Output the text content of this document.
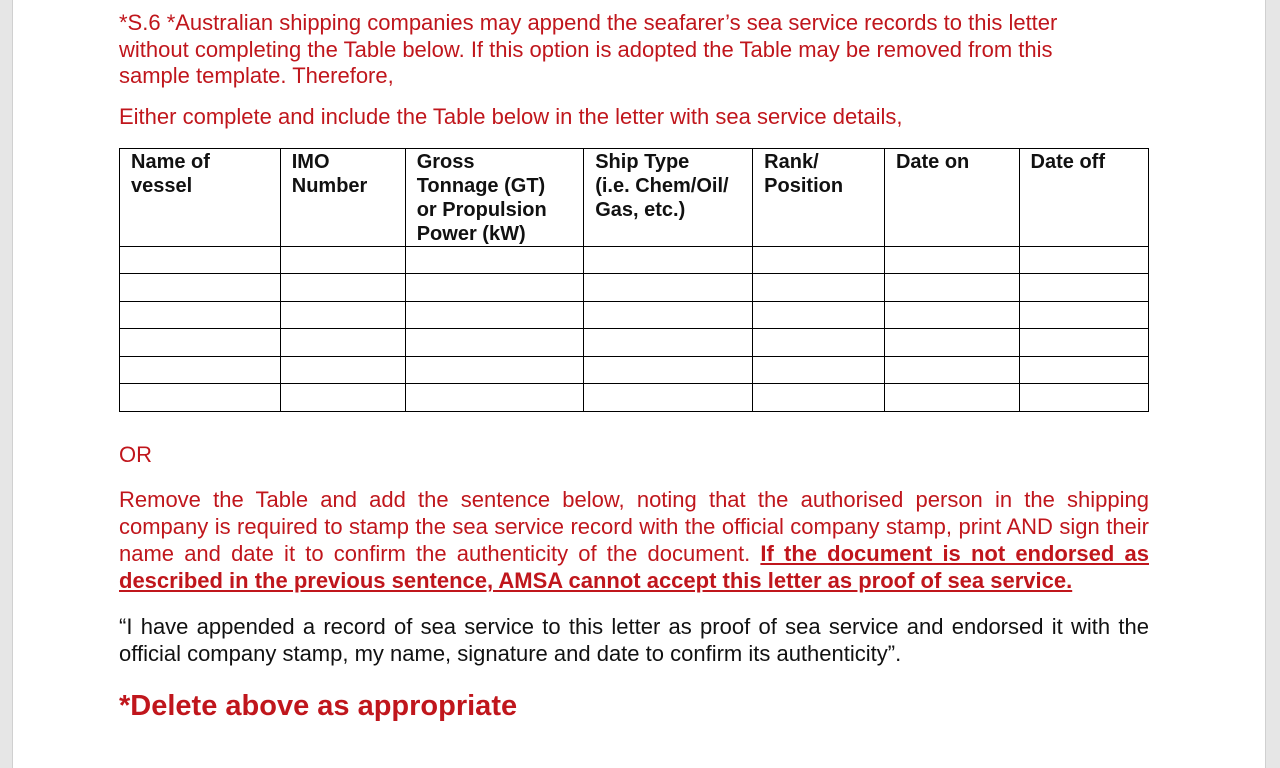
*S.6 *Australian shipping companies may append the seafarer’s sea service records to this letter without completing the Table below. If this option is adopted the Table may be removed from this sample template. Therefore,

Either complete and include the Table below in the letter with sea service details,

Name of
vessel	IMO
Number	Gross
Tonnage (GT)
or Propulsion
Power (kW)	Ship Type
(i.e. Chem/Oil/
Gas, etc.)	Rank/
Position	Date on	Date off

OR

Remove the Table and add the sentence below, noting that the authorised person in the shipping company is required to stamp the sea service record with the official company stamp, print AND sign their name and date it to confirm the authenticity of the document. If the document is not endorsed as described in the previous sentence, AMSA cannot accept this letter as proof of sea service.

“I have appended a record of sea service to this letter as proof of sea service and endorsed it with the official company stamp, my name, signature and date to confirm its authenticity”.

*Delete above as appropriate
